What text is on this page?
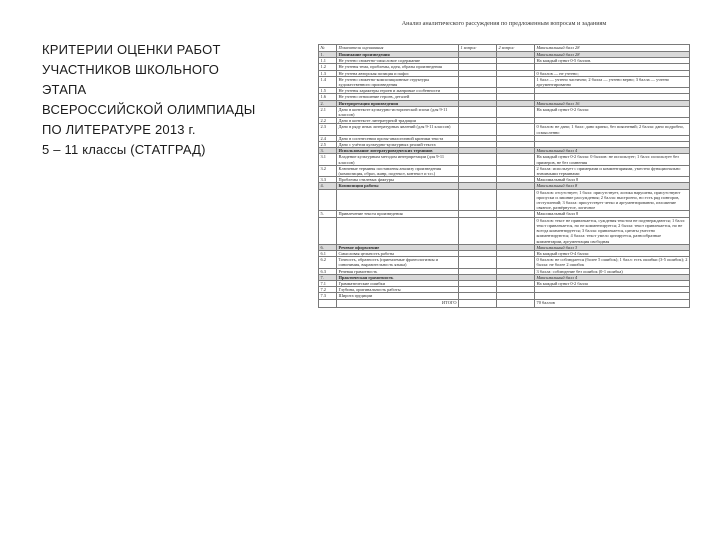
КРИТЕРИИ ОЦЕНКИ РАБОТ
УЧАСТНИКОВ ШКОЛЬНОГО
ЭТАПА
ВСЕРОССИЙСКОЙ ОЛИМПИАДЫ
ПО ЛИТЕРАТУРЕ 2013 г.
5 – 11 классы (СТАТГРАД)
Анализ аналитического рассуждения по предложенным вопросам и заданиям
№	Показатели оценивания	1 вопрос	2 вопрос	Максимальный балл 28
1.	Понимание произведения			Максимальный балл 28
1.1	Не учтено сюжетно-смысловое содержание			На каждый пункт 0-5 баллов.
1.2	Не учтены тема, проблемы, идея, образы произведения			
1.3	Не учтена авторская позиция и пафос			0 баллов — не учтено;
1.4	Не учтено сюжетно-композиционные структуры художественного произведения			1 балл — учтено частично; 2 балла — учтено верно; 3 балла — учтено аргументированно
1.5	Не учтены характеры героев и жанровые особенности			
1.6	Не учтено отношение героев, деталей			
2.	Интерпретация произведения			Максимальный балл 16
2.1	Дано в контексте культурно-исторической эпохи (для 9-11 классов)			На каждый пункт 0-2 балла:
2.2	Дано в контексте литературной традиции			
2.3	Дано в ряду иных литературных явлений (для 9-11 классов)			0 баллов: не дано; 1 балл: дано кратко, без пояснений; 2 балла: дано подробно, осмысленно
2.4	Дано в соотнесении прозы-аналогичной критики текста			
2.5	Дано с учётом культурно-культурных реалий текста			
3.	Использование литературоведческих терминов			Максимальный балл 4
3.1	Владение культурным методом интерпретации (для 9-11 классов)			На каждый пункт 0-2 балла: 0 баллов: не использует; 1 балл: использует без примеров, не без сомнения
3.2	Ключевые термины поставлены анализу произведения (композиция, образ, жанр, подтекст, контекст и т.п.)			2 балла: использует с примерами и комментариями, уместно функционально значимыми терминами
3.3	Проблемы стилевых фактуры			Максимальный балл 8
4.	Композиция работы			Максимальный балл 8
				0 баллов: отсутствует; 1 балл: присутствует, логика нарушена, присутствуют пропуски и лишние рассуждения; 2 балла: выстроено, но есть ряд повторов, отступлений; 3 балла: присутствует четко и аргументированно, изложение связное, развёрнутое, логичное
5.	Привлечение текста произведения			Максимальный балл 8
				0 баллов: текст не привлекается, суждения текстом не подтверждаются; 1 балл: текст привлекается, но не комментируется; 2 балла: текст привлекается, но не всегда комментируется; 3 балла: привлекается, цитаты уместно комментируются; 4 балла: текст умело цитируется, разнообразные комментарии, аргументация свободная
6.	Речевое оформление			Максимальный балл 3
6.1	Смысловая цельность работы			На каждый пункт 0-4 балла:
6.2	Точность, образность (приемлемые фразеологизмы и синонимия, выразительность языка)			0 баллов: не соблюдается (более 5 ошибок); 1 балл: есть ошибки (3-5 ошибок); 2 балла: не более 2 ошибок
6.3	Речевая грамотность			3 балла: соблюдение без ошибок (0-1 ошибка)
7.	Практическая грамотность			Максимальный балл 4
7.1	Грамматические ошибки			На каждый пункт 0-2 балла
7.2	Глубина, оригинальность работы			
7.3	Широта эрудиции			
	ИТОГО			70 баллов
